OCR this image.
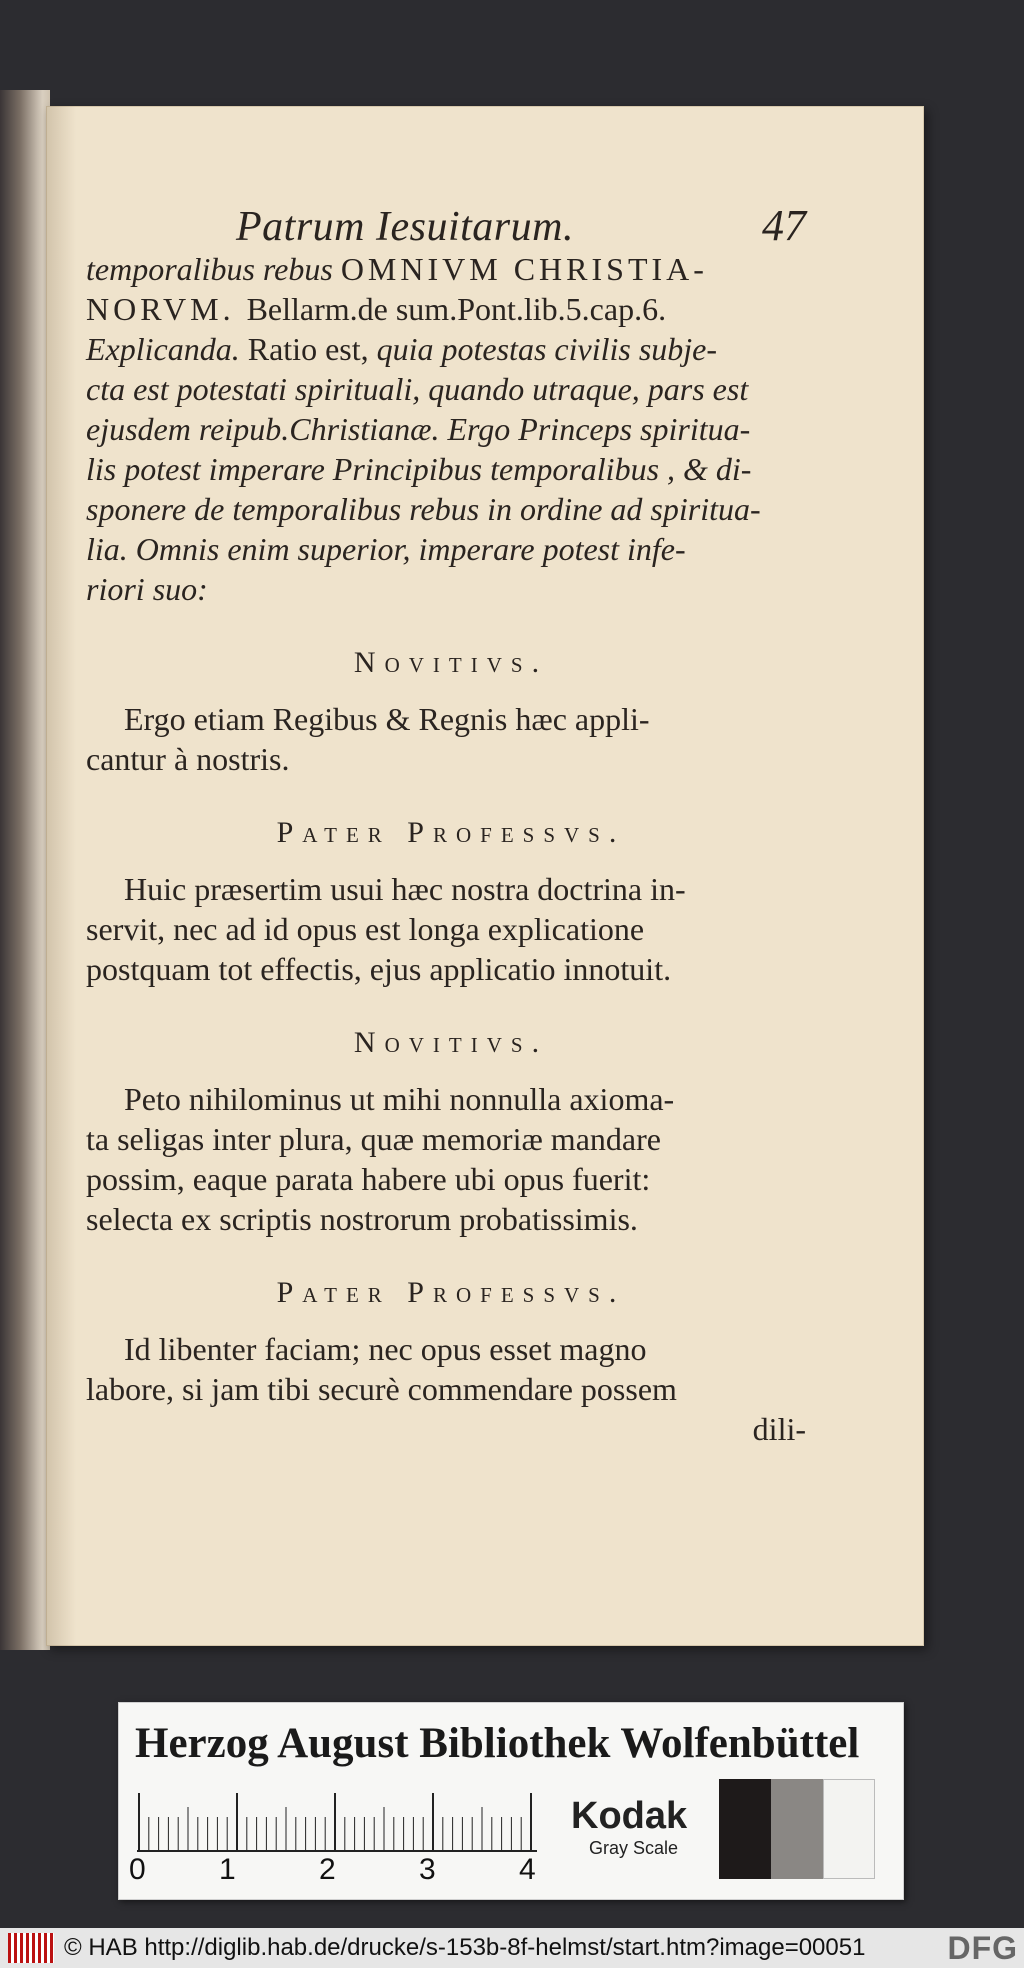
Patrum Iesuitarum.	47
temporalibus rebus OMNIVM CHRISTIA-
NORVM. Bellarm.de sum.Pont.lib.5.cap.6.
Explicanda. Ratio est, quia potestas civilis subje-
cta est potestati spirituali, quando utraque, pars est
ejusdem reipub.Christianæ. Ergo Princeps spiritua-
lis potest imperare Principibus temporalibus , & di-
sponere de temporalibus rebus in ordine ad spiritua-
lia. Omnis enim superior, imperare potest infe-
riori suo:
Novitivs.
Ergo etiam Regibus & Regnis hæc appli-
cantur à nostris.
Pater Professvs.
Huic præsertim usui hæc nostra doctrina in-
servit, nec ad id opus est longa explicatione
postquam tot effectis, ejus applicatio innotuit.
Novitivs.
Peto nihilominus ut mihi nonnulla axioma-
ta seligas inter plura, quæ memoriæ mandare
possim, eaque parata habere ubi opus fuerit:
selecta ex scriptis nostrorum probatissimis.
Pater Professvs.
Id libenter faciam; nec opus esset magno
labore, si jam tibi securè commendare possem
dili-
Herzog August Bibliothek Wolfenbüttel
0 1	2	3	4
Kodak
Gray Scale
© HAB http://diglib.hab.de/drucke/s-153b-8f-helmst/start.htm?image=00051	DFG
